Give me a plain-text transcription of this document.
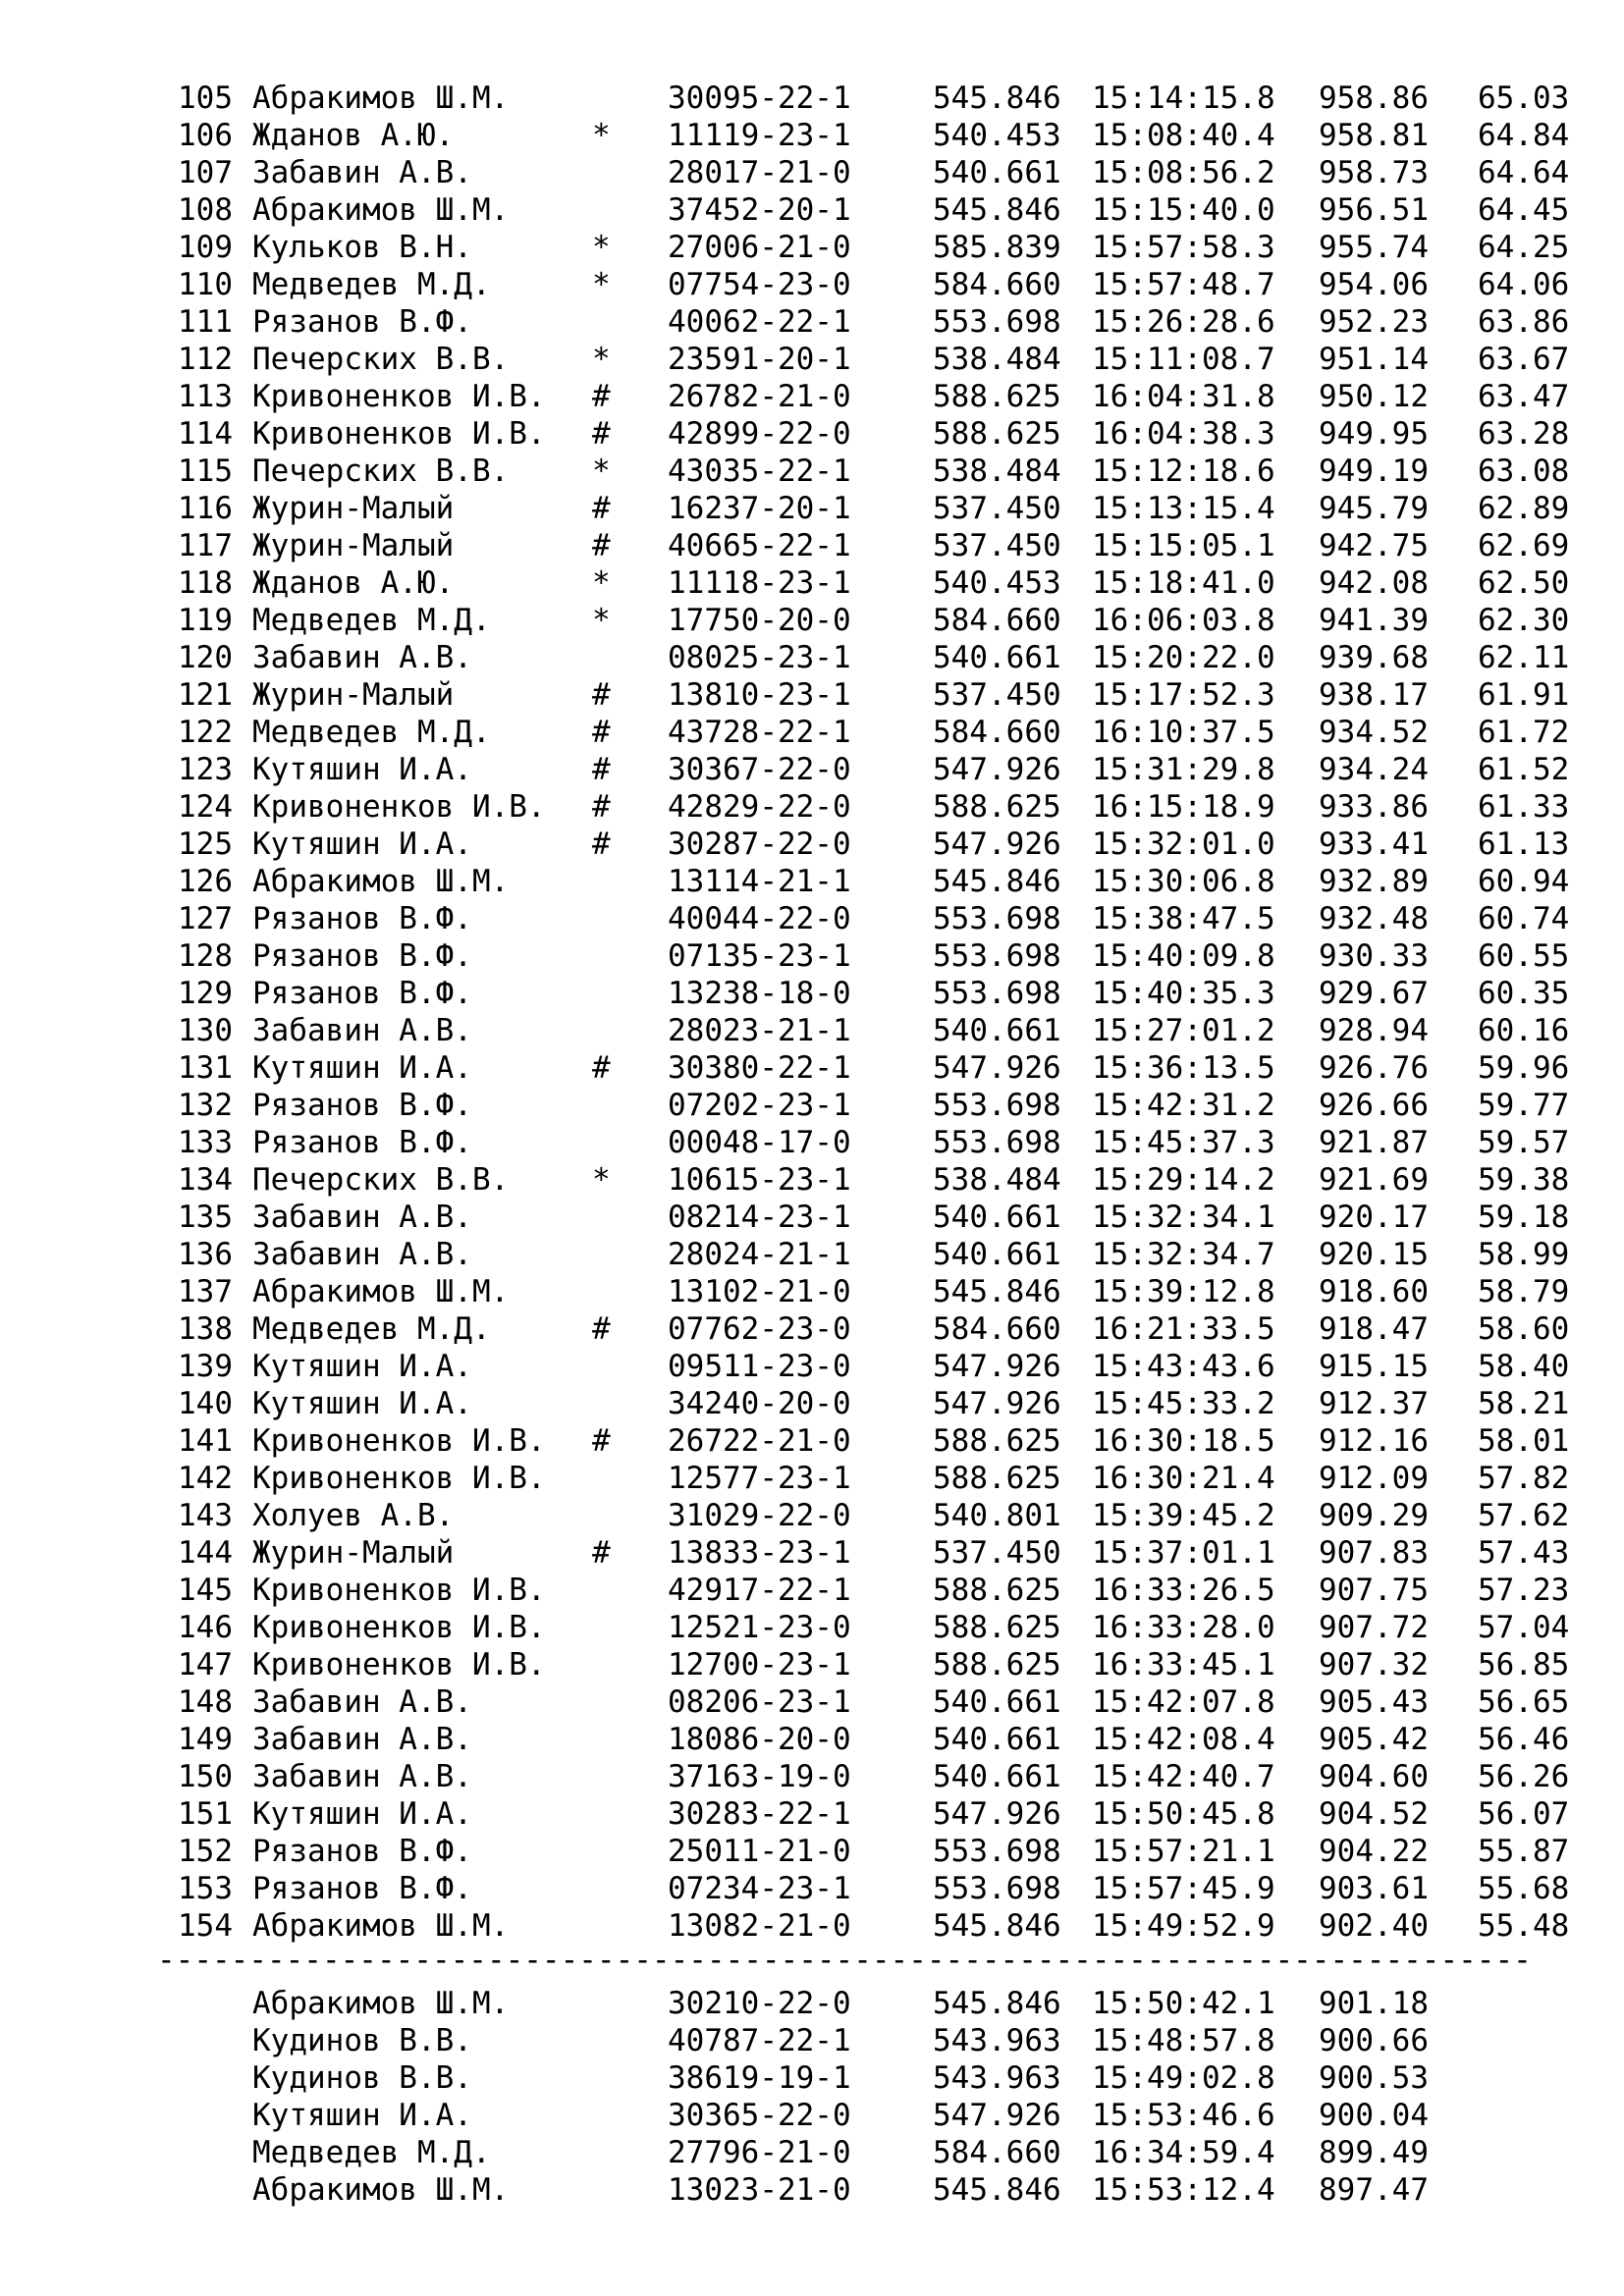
105 Абракимов Ш.М.	30095-22-1	545.846 15:14:15.8 958.86 65.03
106 Жданов А.Ю.	* 11119-23-1	540.453 15:08:40.4 958.81 64.84
107 Забавин А.В.	28017-21-0	540.661 15:08:56.2 958.73 64.64
108 Абракимов Ш.М.	37452-20-1	545.846 15:15:40.0 956.51 64.45
109 Кульков В.Н.	* 27006-21-0	585.839 15:57:58.3 955.74 64.25
110 Медведев М.Д.	* 07754-23-0	584.660 15:57:48.7 954.06 64.06
111 Рязанов В.Ф.	40062-22-1	553.698 15:26:28.6 952.23 63.86
112 Печерских В.В.	* 23591-20-1	538.484 15:11:08.7 951.14 63.67
113 Кривоненков И.В. # 26782-21-0	588.625 16:04:31.8 950.12 63.47
114 Кривоненков И.В. # 42899-22-0	588.625 16:04:38.3 949.95 63.28
115 Печерских В.В.	* 43035-22-1	538.484 15:12:18.6 949.19 63.08
116 Журин-Малый	# 16237-20-1	537.450 15:13:15.4 945.79 62.89
117 Журин-Малый	# 40665-22-1	537.450 15:15:05.1 942.75 62.69
118 Жданов А.Ю.	* 11118-23-1	540.453 15:18:41.0 942.08 62.50
119 Медведев М.Д.	* 17750-20-0	584.660 16:06:03.8 941.39 62.30
120 Забавин А.В.	08025-23-1	540.661 15:20:22.0 939.68 62.11
121 Журин-Малый	# 13810-23-1	537.450 15:17:52.3 938.17 61.91
122 Медведев М.Д.	# 43728-22-1	584.660 16:10:37.5 934.52 61.72
123 Кутяшин И.А.	# 30367-22-0	547.926 15:31:29.8 934.24 61.52
124 Кривоненков И.В. # 42829-22-0	588.625 16:15:18.9 933.86 61.33
125 Кутяшин И.А.	# 30287-22-0	547.926 15:32:01.0 933.41 61.13
126 Абракимов Ш.М.	13114-21-1	545.846 15:30:06.8 932.89 60.94
127 Рязанов В.Ф.	40044-22-0	553.698 15:38:47.5 932.48 60.74
128 Рязанов В.Ф.	07135-23-1	553.698 15:40:09.8 930.33 60.55
129 Рязанов В.Ф.	13238-18-0	553.698 15:40:35.3 929.67 60.35
130 Забавин А.В.	28023-21-1	540.661 15:27:01.2 928.94 60.16
131 Кутяшин И.А.	# 30380-22-1	547.926 15:36:13.5 926.76 59.96
132 Рязанов В.Ф.	07202-23-1	553.698 15:42:31.2 926.66 59.77
133 Рязанов В.Ф.	00048-17-0	553.698 15:45:37.3 921.87 59.57
134 Печерских В.В.	* 10615-23-1	538.484 15:29:14.2 921.69 59.38
135 Забавин А.В.	08214-23-1	540.661 15:32:34.1 920.17 59.18
136 Забавин А.В.	28024-21-1	540.661 15:32:34.7 920.15 58.99
137 Абракимов Ш.М.	13102-21-0	545.846 15:39:12.8 918.60 58.79
138 Медведев М.Д.	# 07762-23-0	584.660 16:21:33.5 918.47 58.60
139 Кутяшин И.А.	09511-23-0	547.926 15:43:43.6 915.15 58.40
140 Кутяшин И.А.	34240-20-0	547.926 15:45:33.2 912.37 58.21
141 Кривоненков И.В. # 26722-21-0	588.625 16:30:18.5 912.16 58.01
142 Кривоненков И.В.	12577-23-1	588.625 16:30:21.4 912.09 57.82
143 Холуев А.В.	31029-22-0	540.801 15:39:45.2 909.29 57.62
144 Журин-Малый	# 13833-23-1	537.450 15:37:01.1 907.83 57.43
145 Кривоненков И.В.	42917-22-1	588.625 16:33:26.5 907.75 57.23
146 Кривоненков И.В.	12521-23-0	588.625 16:33:28.0 907.72 57.04
147 Кривоненков И.В.	12700-23-1	588.625 16:33:45.1 907.32 56.85
148 Забавин А.В.	08206-23-1	540.661 15:42:07.8 905.43 56.65
149 Забавин А.В.	18086-20-0	540.661 15:42:08.4 905.42 56.46
150 Забавин А.В.	37163-19-0	540.661 15:42:40.7 904.60 56.26
151 Кутяшин И.А.	30283-22-1	547.926 15:50:45.8 904.52 56.07
152 Рязанов В.Ф.	25011-21-0	553.698 15:57:21.1 904.22 55.87
153 Рязанов В.Ф.	07234-23-1	553.698 15:57:45.9 903.61 55.68
154 Абракимов Ш.М.	13082-21-0	545.846 15:49:52.9 902.40 55.48
---------------------------------------------------------------------------
Абракимов Ш.М.	30210-22-0	545.846 15:50:42.1 901.18
Кудинов В.В.	40787-22-1	543.963 15:48:57.8 900.66
Кудинов В.В.	38619-19-1	543.963 15:49:02.8 900.53
Кутяшин И.А.	30365-22-0	547.926 15:53:46.6 900.04
Медведев М.Д.	27796-21-0	584.660 16:34:59.4 899.49
Абракимов Ш.М.	13023-21-0	545.846 15:53:12.4 897.47
